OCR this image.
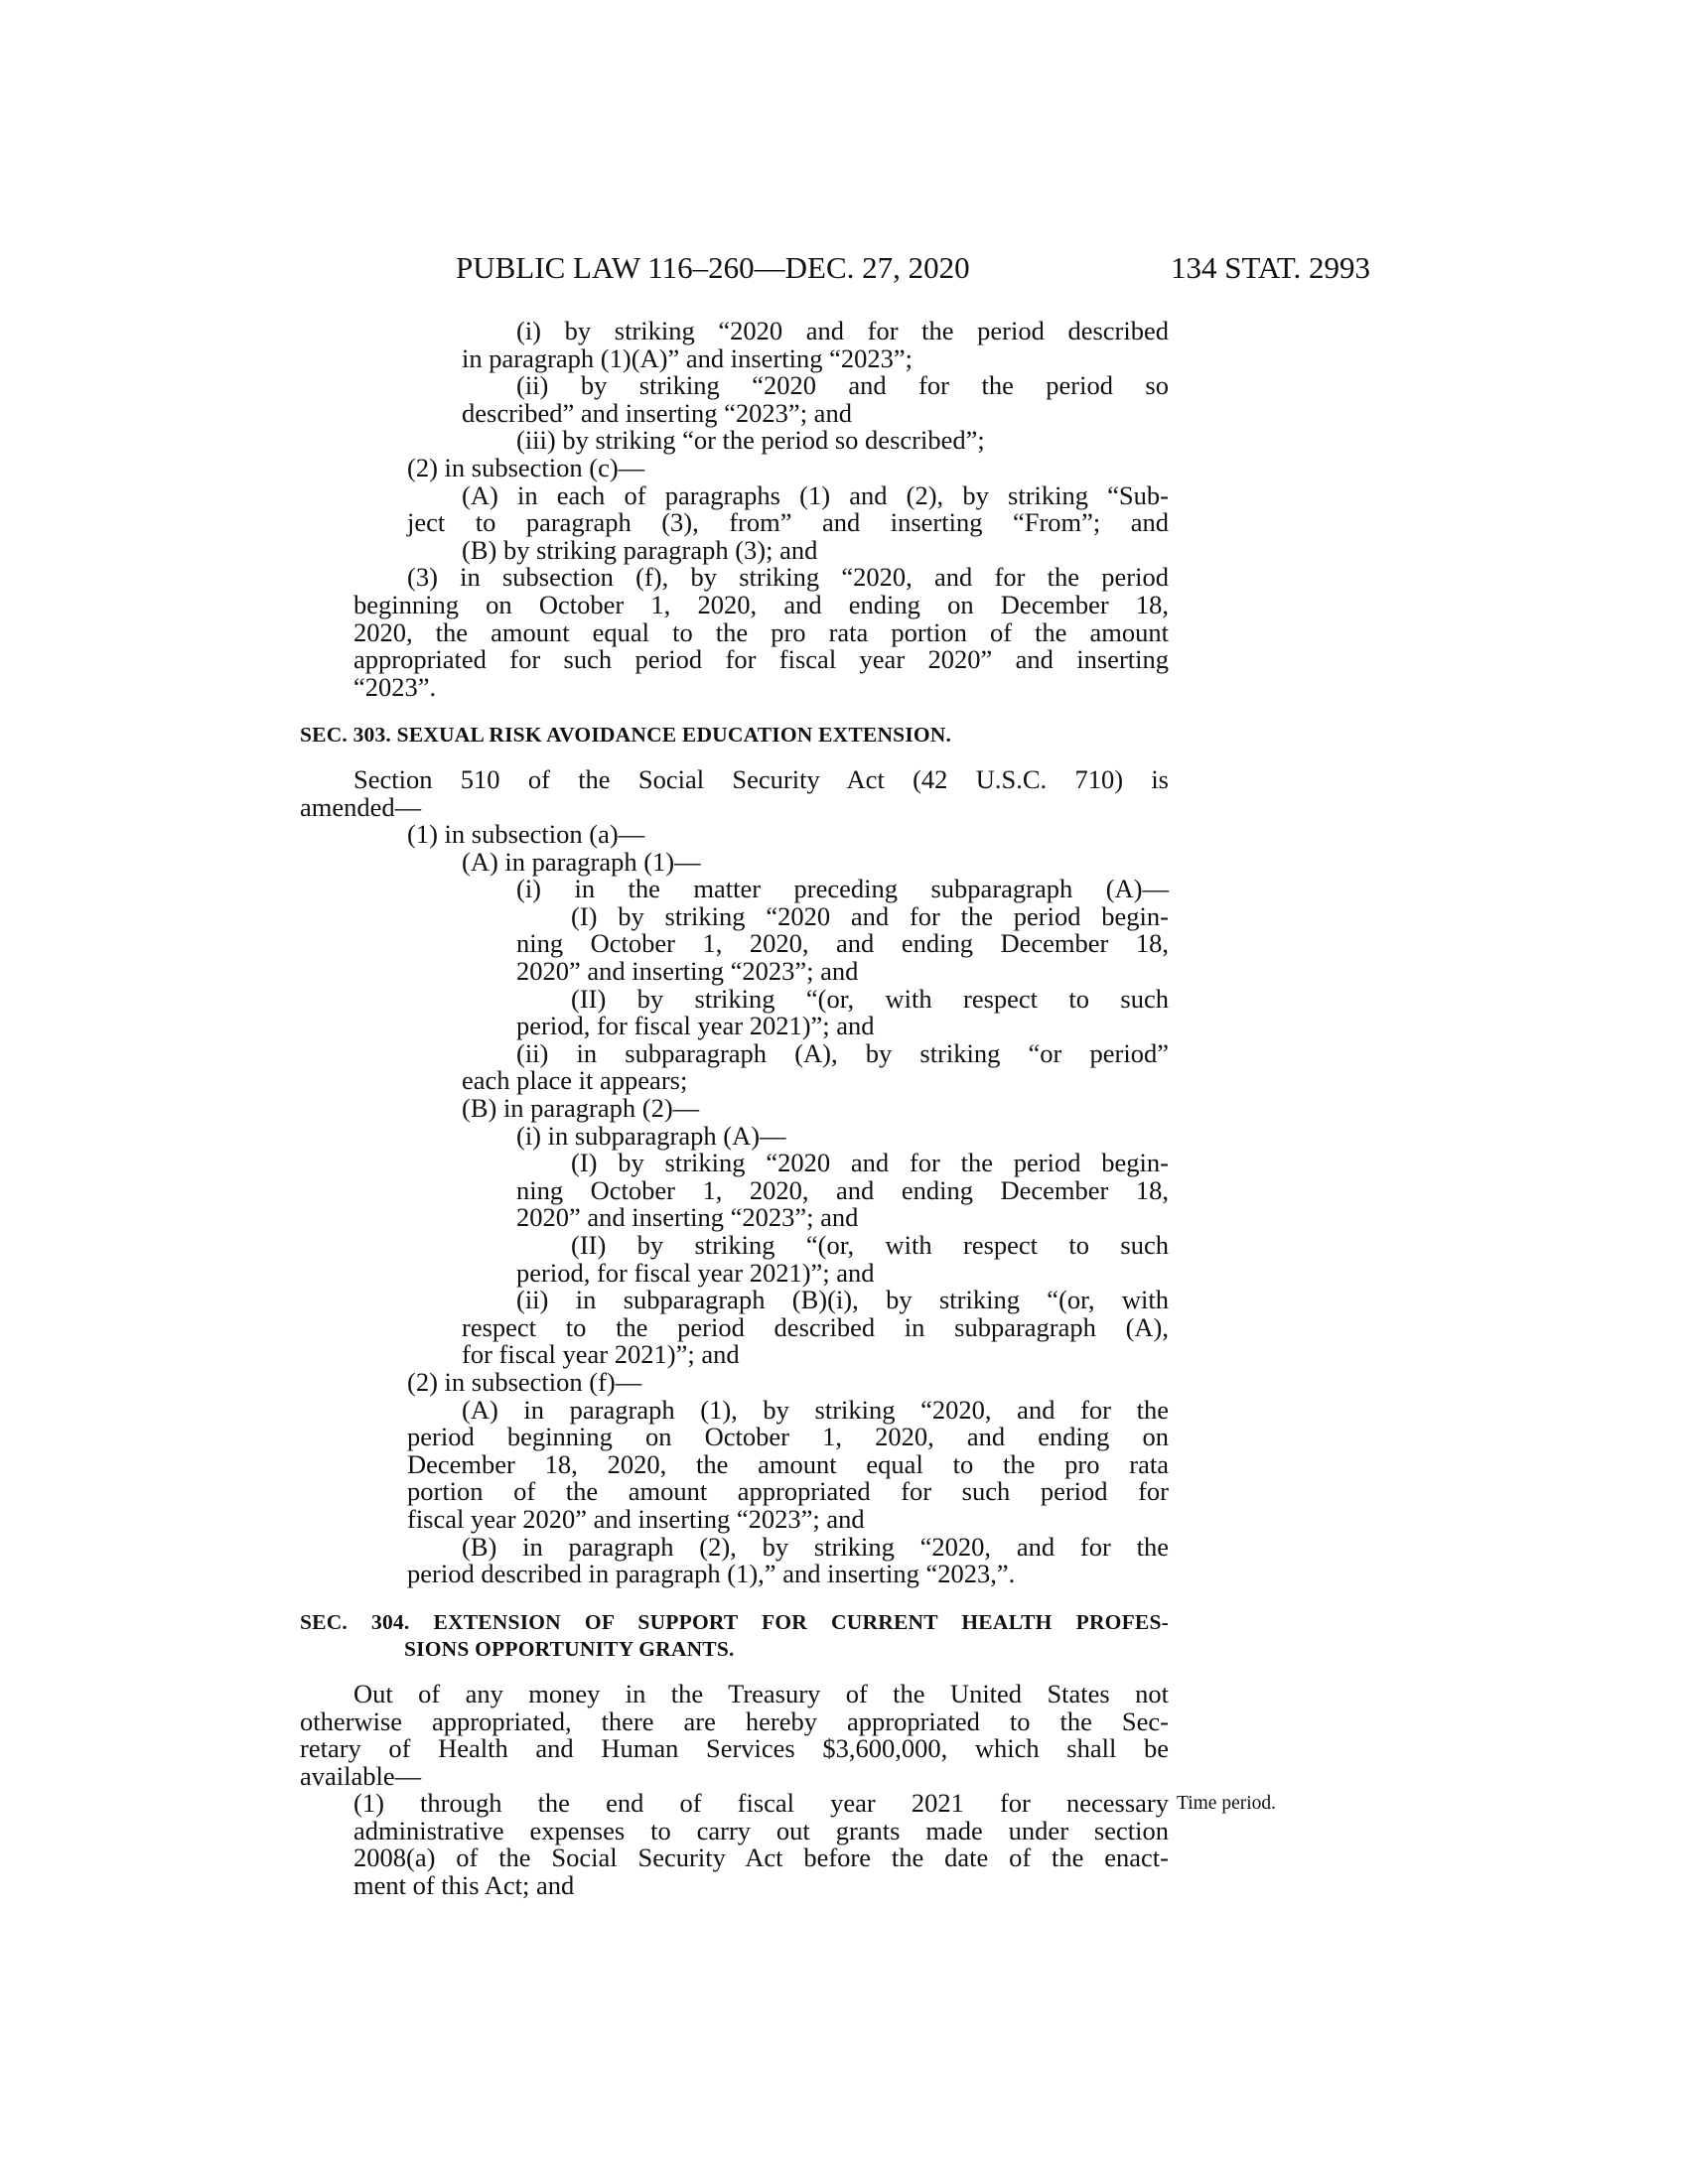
PUBLIC LAW 116–260—DEC. 27, 2020	134 STAT. 2993
(i) by striking “2020 and for the period described
in paragraph (1)(A)” and inserting “2023”;
(ii) by striking “2020 and for the period so
described” and inserting “2023”; and
(iii) by striking “or the period so described”;
(2) in subsection (c)—
(A) in each of paragraphs (1) and (2), by striking “Sub-
ject to paragraph (3), from” and inserting “From”; and
(B) by striking paragraph (3); and
(3) in subsection (f), by striking “2020, and for the period
beginning on October 1, 2020, and ending on December 18,
2020, the amount equal to the pro rata portion of the amount
appropriated for such period for fiscal year 2020” and inserting
“2023”.
SEC. 303. SEXUAL RISK AVOIDANCE EDUCATION EXTENSION.
Section 510 of the Social Security Act (42 U.S.C. 710) is
amended—
(1) in subsection (a)—
(A) in paragraph (1)—
(i) in the matter preceding subparagraph (A)—
(I) by striking “2020 and for the period begin-
ning October 1, 2020, and ending December 18,
2020” and inserting “2023”; and
(II) by striking “(or, with respect to such
period, for fiscal year 2021)”; and
(ii) in subparagraph (A), by striking “or period”
each place it appears;
(B) in paragraph (2)—
(i) in subparagraph (A)—
(I) by striking “2020 and for the period begin-
ning October 1, 2020, and ending December 18,
2020” and inserting “2023”; and
(II) by striking “(or, with respect to such
period, for fiscal year 2021)”; and
(ii) in subparagraph (B)(i), by striking “(or, with
respect to the period described in subparagraph (A),
for fiscal year 2021)”; and
(2) in subsection (f)—
(A) in paragraph (1), by striking “2020, and for the
period beginning on October 1, 2020, and ending on
December 18, 2020, the amount equal to the pro rata
portion of the amount appropriated for such period for
fiscal year 2020” and inserting “2023”; and
(B) in paragraph (2), by striking “2020, and for the
period described in paragraph (1),” and inserting “2023,”.
SEC. 304. EXTENSION OF SUPPORT FOR CURRENT HEALTH PROFES-
SIONS OPPORTUNITY GRANTS.
Out of any money in the Treasury of the United States not
otherwise appropriated, there are hereby appropriated to the Sec-
retary of Health and Human Services $3,600,000, which shall be
available—
(1) through the end of fiscal year 2021 for necessary
administrative expenses to carry out grants made under section
2008(a) of the Social Security Act before the date of the enact-
ment of this Act; and
Time period.
